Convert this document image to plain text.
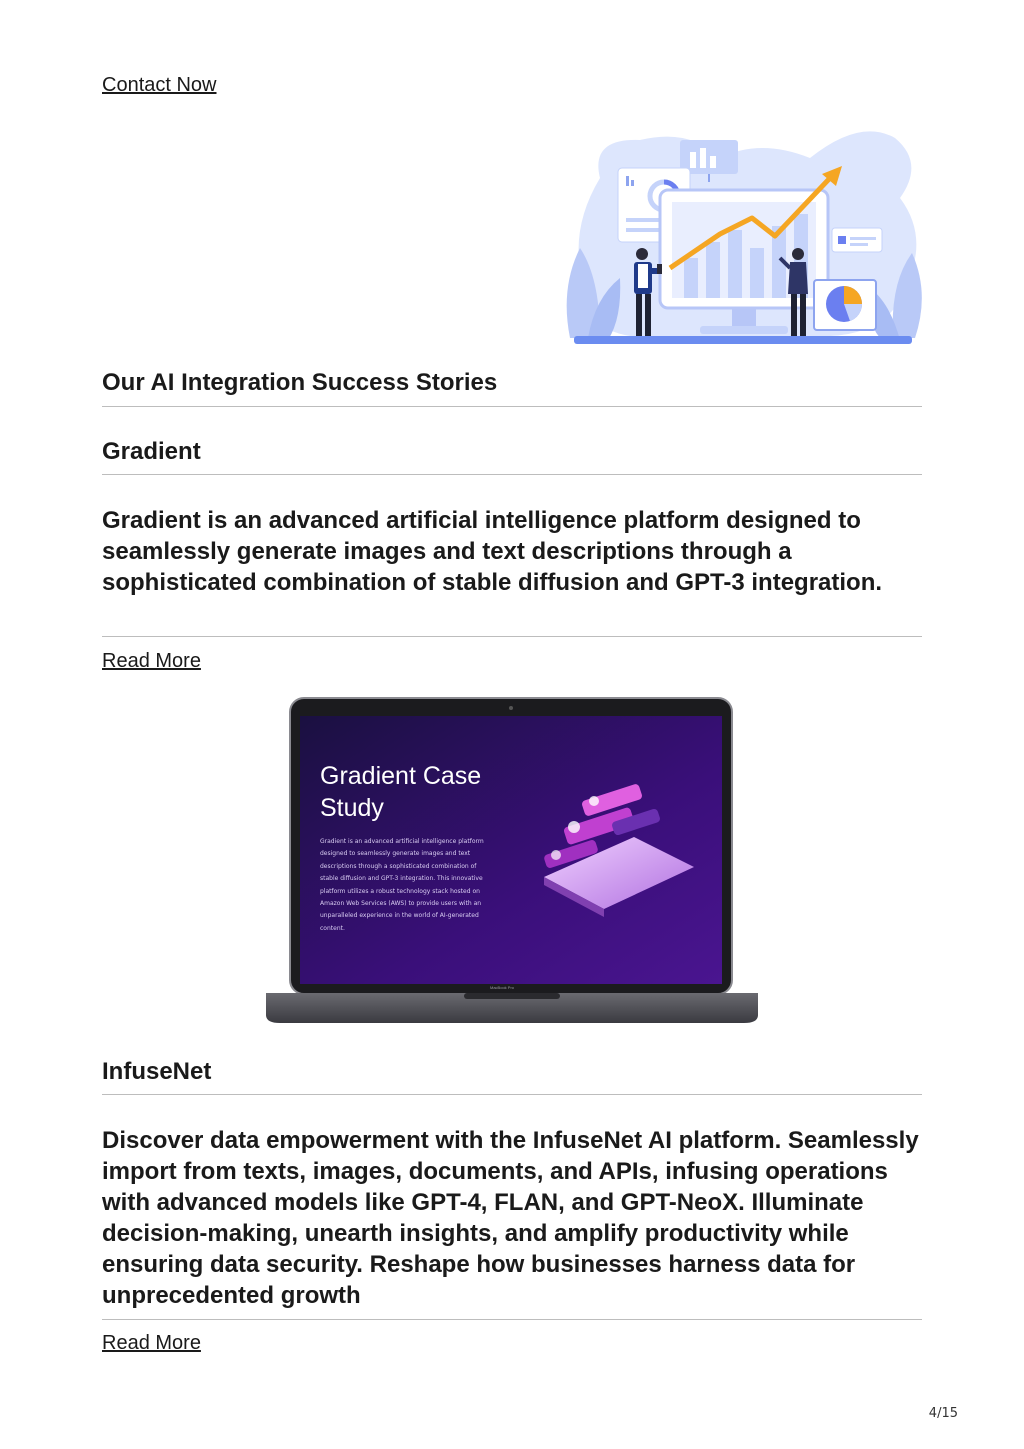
Contact Now
Our AI Integration Success Stories
Gradient
Gradient is an advanced artificial intelligence platform designed to seamlessly generate images and text descriptions through a sophisticated combination of stable diffusion and GPT-3 integration.
Read More
Gradient Case
Study
Gradient is an advanced artificial intelligence platform
designed to seamlessly generate images and text
descriptions through a sophisticated combination of
stable diffusion and GPT-3 integration. This innovative
platform utilizes a robust technology stack hosted on
Amazon Web Services (AWS) to provide users with an
unparalleled experience in the world of AI-generated
content.
MacBook Pro
InfuseNet
Discover data empowerment with the InfuseNet AI platform. Seamlessly import from texts, images, documents, and APIs, infusing operations with advanced models like GPT-4, FLAN, and GPT-NeoX. Illuminate decision-making, unearth insights, and amplify productivity while ensuring data security. Reshape how businesses harness data for unprecedented growth
Read More
4/15
